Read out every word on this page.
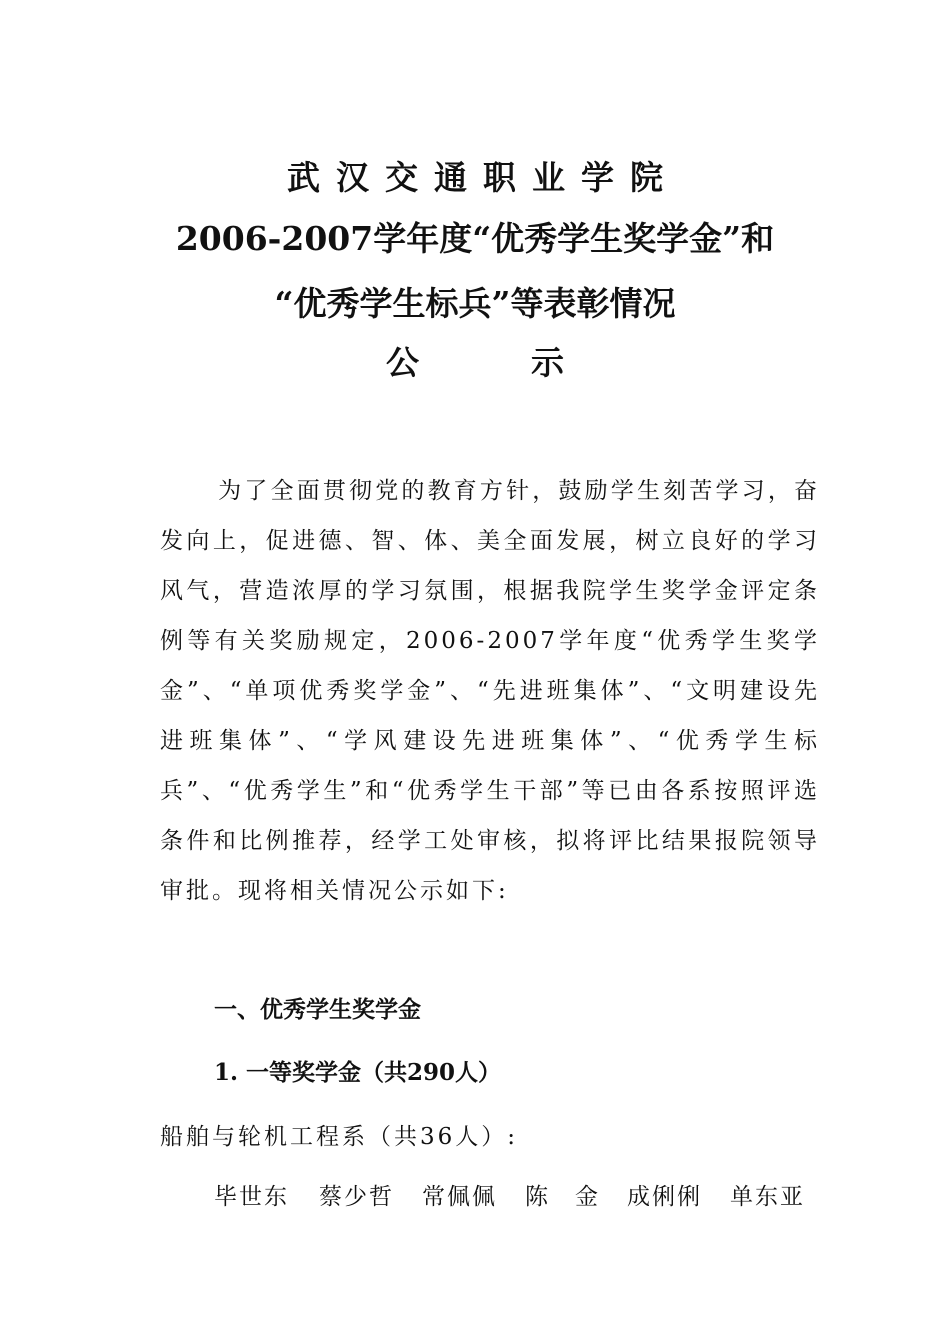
武汉交通职业学院
2006-2007学年度“优秀学生奖学金”和
“优秀学生标兵”等表彰情况
公	示
为了全面贯彻党的教育方针，鼓励学生刻苦学习，奋发向上，促进德、智、体、美全面发展，树立良好的学习风气，营造浓厚的学习氛围，根据我院学生奖学金评定条例等有关奖励规定，2006-2007学年度“优秀学生奖学金”、“单项优秀奖学金”、“先进班集体”、“文明建设先进班集体”、“学风建设先进班集体”、“优秀学生标兵”、“优秀学生”和“优秀学生干部”等已由各系按照评选条件和比例推荐，经学工处审核，拟将评比结果报院领导审批。现将相关情况公示如下:
一、优秀学生奖学金
1. 一等奖学金（共290人）
船舶与轮机工程系（共36人）:
毕世东	蔡少哲	常佩佩	陈　金	成俐俐	单东亚
